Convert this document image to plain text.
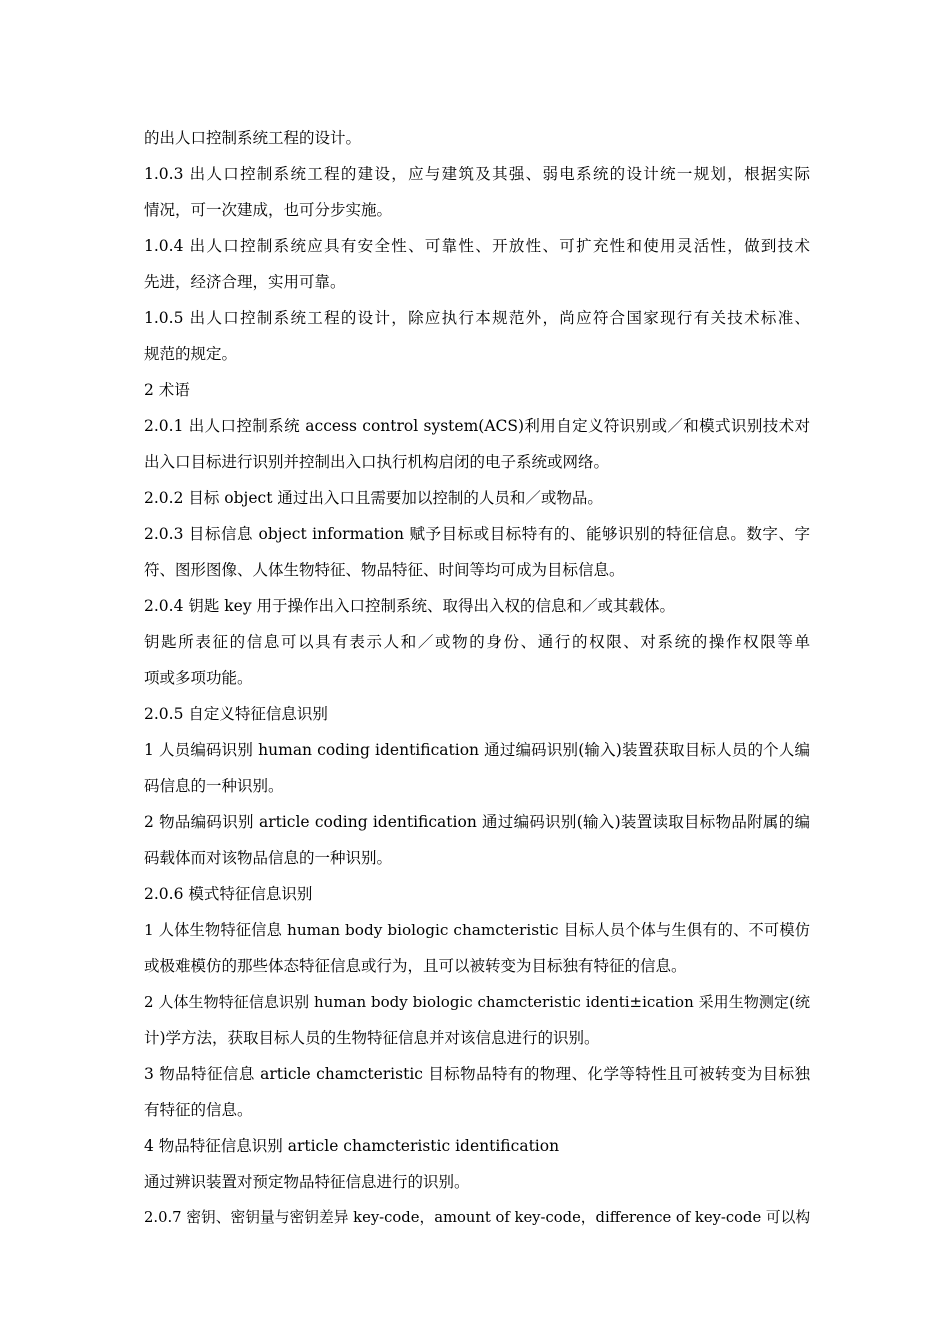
的出人口控制系统工程的设计。
1.0.3 出人口控制系统工程的建设，应与建筑及其强、弱电系统的设计统一规划，根据实际
情况，可一次建成，也可分步实施。
1.0.4 出人口控制系统应具有安全性、可靠性、开放性、可扩充性和使用灵活性，做到技术
先进，经济合理，实用可靠。
1.0.5 出人口控制系统工程的设计，除应执行本规范外，尚应符合国家现行有关技术标准、
规范的规定。
2 术语
2.0.1 出人口控制系统 access control system(ACS)利用自定义符识别或／和模式识别技术对
出入口目标进行识别并控制出入口执行机构启闭的电子系统或网络。
2.0.2 目标 object 通过出入口且需要加以控制的人员和／或物品。
2.0.3 目标信息 object information 赋予目标或目标特有的、能够识别的特征信息。数字、字
符、图形图像、人体生物特征、物品特征、时间等均可成为目标信息。
2.0.4 钥匙 key 用于操作出入口控制系统、取得出入权的信息和／或其载体。
钥匙所表征的信息可以具有表示人和／或物的身份、通行的权限、对系统的操作权限等单
项或多项功能。
2.0.5 自定义特征信息识别
1 人员编码识别 human coding identification 通过编码识别(输入)装置获取目标人员的个人编
码信息的一种识别。
2 物品编码识别 article coding identification 通过编码识别(输入)装置读取目标物品附属的编
码载体而对该物品信息的一种识别。
2.0.6 模式特征信息识别
1 人体生物特征信息 human body biologic chamcteristic 目标人员个体与生俱有的、不可模仿
或极难模仿的那些体态特征信息或行为，且可以被转变为目标独有特征的信息。
2 人体生物特征信息识别 human body biologic chamcteristic identi±ication 采用生物测定(统
计)学方法，获取目标人员的生物特征信息并对该信息进行的识别。
3 物品特征信息 article chamcteristic 目标物品特有的物理、化学等特性且可被转变为目标独
有特征的信息。
4 物品特征信息识别 article chamcteristic identification
通过辨识装置对预定物品特征信息进行的识别。
2.0.7 密钥、密钥量与密钥差异 key-code，amount of key-code，difference of key-code 可以构
